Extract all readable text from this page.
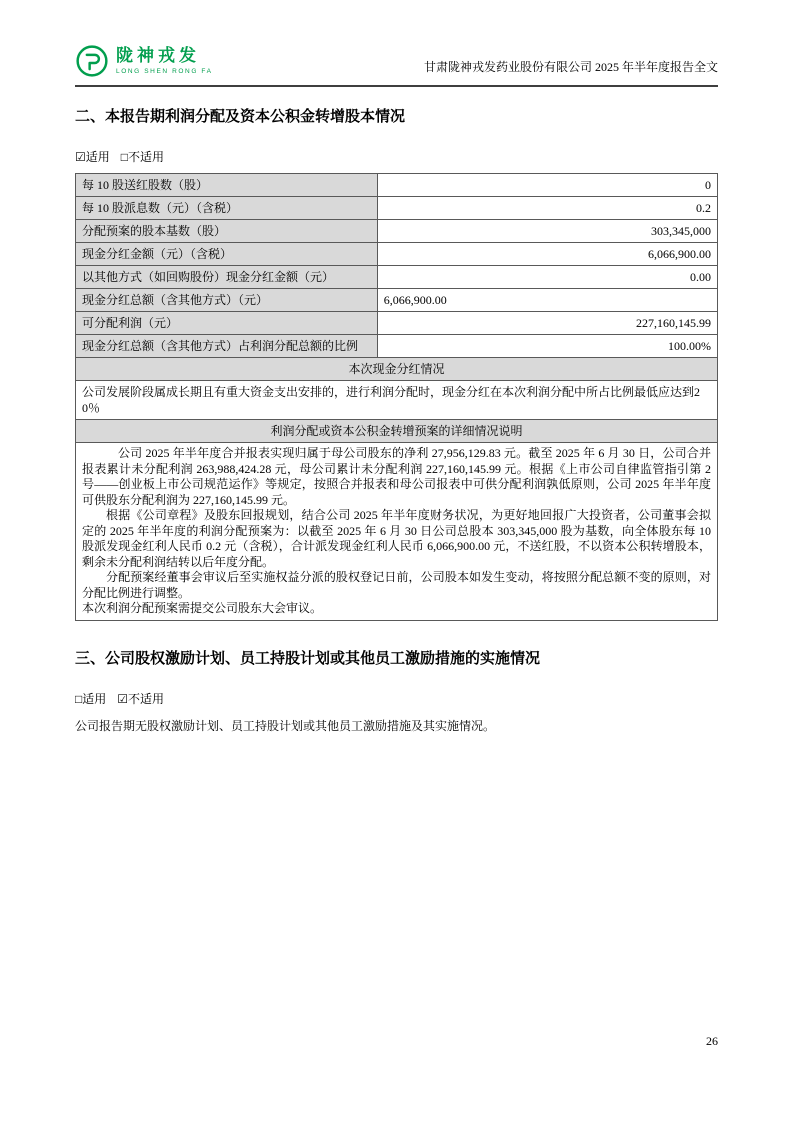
陇神戎发
LONG SHEN RONG FA	甘肃陇神戎发药业股份有限公司 2025 年半年度报告全文
二、本报告期利润分配及资本公积金转增股本情况
☑适用 □不适用
每 10 股送红股数（股）	0
每 10 股派息数（元）（含税）	0.2
分配预案的股本基数（股）	303,345,000
现金分红金额（元）（含税）	6,066,900.00
以其他方式（如回购股份）现金分红金额（元）	0.00
现金分红总额（含其他方式）（元）	6,066,900.00
可分配利润（元）	227,160,145.99
现金分红总额（含其他方式）占利润分配总额的比例	100.00%
本次现金分红情况	
公司发展阶段属成长期且有重大资金支出安排的，进行利润分配时，现金分红在本次利润分配中所占比例最低应达到20％	
利润分配或资本公积金转增预案的详细情况说明	

公司 2025 年半年度合并报表实现归属于母公司股东的净利 27,956,129.83 元。截至 2025 年 6 月 30 日，公司合并报表累计未分配利润 263,988,424.28 元，母公司累计未分配利润 227,160,145.99 元。根据《上市公司自律监管指引第 2 号——创业板上市公司规范运作》等规定，按照合并报表和母公司报表中可供分配利润孰低原则，公司 2025 年半年度可供股东分配利润为 227,160,145.99 元。

根据《公司章程》及股东回报规划，结合公司 2025 年半年度财务状况，为更好地回报广大投资者，公司董事会拟定的 2025 年半年度的利润分配预案为：以截至 2025 年 6 月 30 日公司总股本 303,345,000 股为基数，向全体股东每 10 股派发现金红利人民币 0.2 元（含税），合计派发现金红利人民币 6,066,900.00 元，不送红股，不以资本公积转增股本，剩余未分配利润结转以后年度分配。

分配预案经董事会审议后至实施权益分派的股权登记日前，公司股本如发生变动，将按照分配总额不变的原则，对分配比例进行调整。

本次利润分配预案需提交公司股东大会审议。	

三、公司股权激励计划、员工持股计划或其他员工激励措施的实施情况
□适用 ☑不适用

公司报告期无股权激励计划、员工持股计划或其他员工激励措施及其实施情况。

26
